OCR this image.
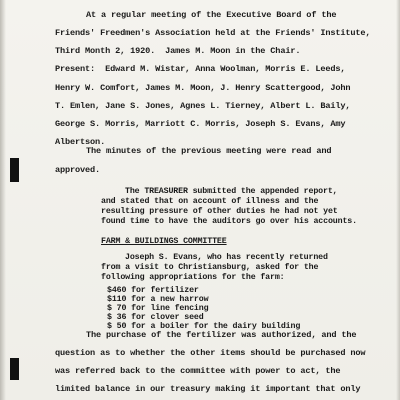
At a regular meeting of the Executive Board of the
Friends' Freedmen's Association held at the Friends' Institute,
Third Month 2, 1920.  James M. Moon in the Chair.
Present:  Edward M. Wistar, Anna Woolman, Morris E. Leeds,
Henry W. Comfort, James M. Moon, J. Henry Scattergood, John
T. Emlen, Jane S. Jones, Agnes L. Tierney, Albert L. Baily,
George S. Morris, Marriott C. Morris, Joseph S. Evans, Amy
Albertson.
The minutes of the previous meeting were read and
approved.
The TREASURER submitted the appended report,
and stated that on account of illness and the
resulting pressure of other duties he had not yet
found time to have the auditors go over his accounts.
FARM & BUILDINGS COMMITTEE
Joseph S. Evans, who has recently returned
from a visit to Christiansburg, asked for the
following appropriations for the farm:
$460 for fertilizer
$110 for a new harrow
$ 70 for line fencing
$ 36 for clover seed
$ 50 for a boiler for the dairy building
The purchase of the fertilizer was authorized, and the
question as to whether the other items should be purchased now
was referred back to the committee with power to act, the
limited balance in our treasury making it important that only
